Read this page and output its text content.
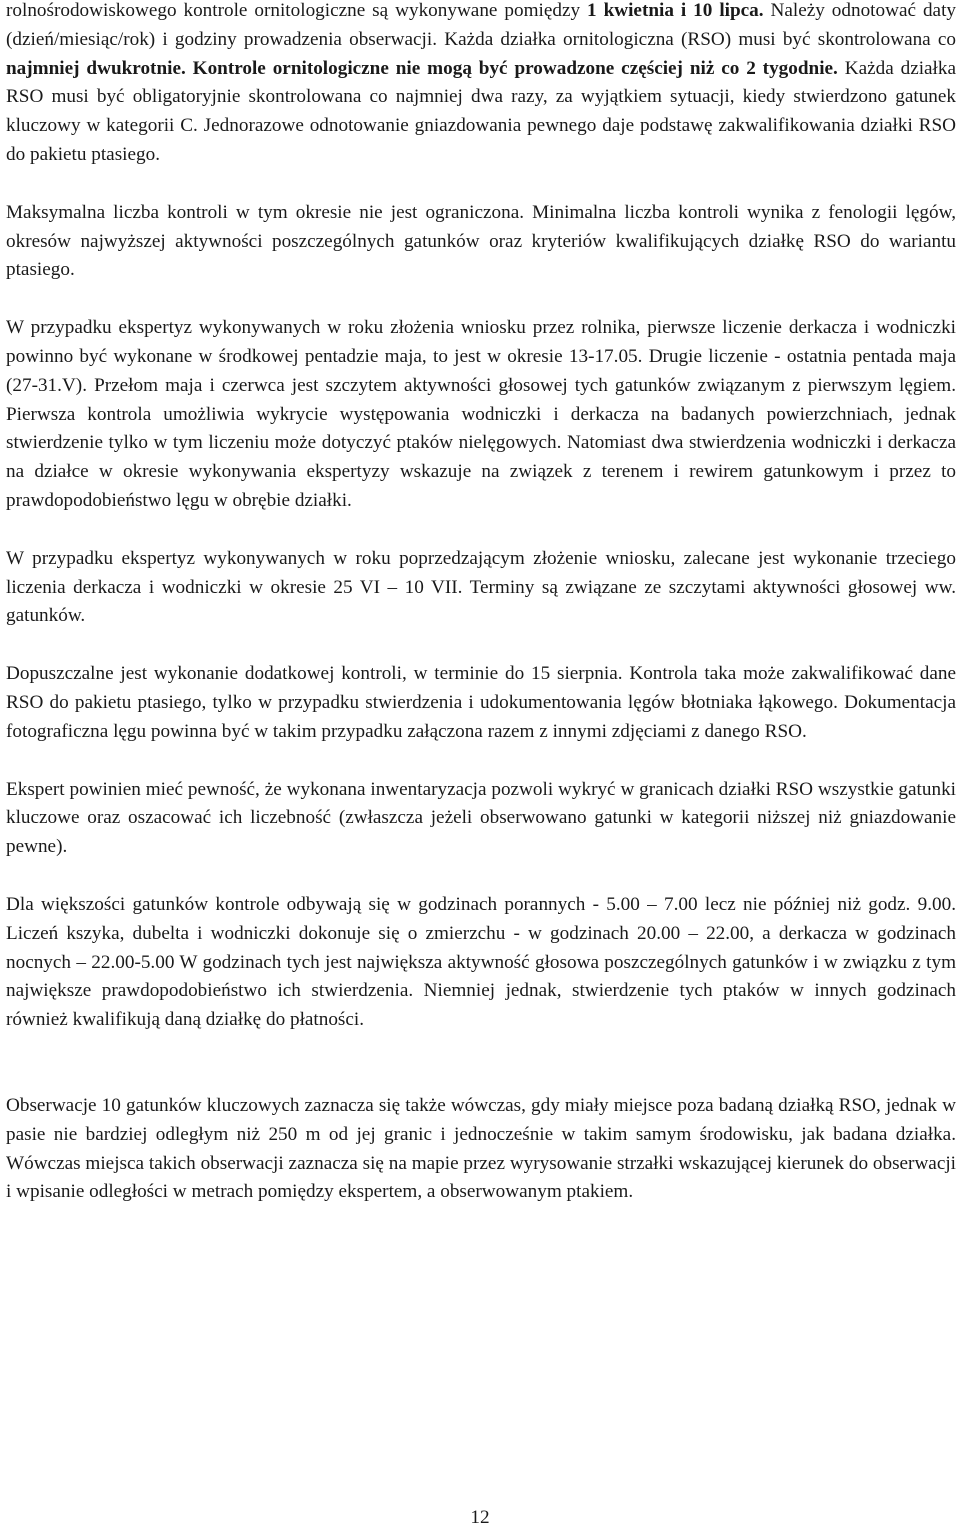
rolnośrodowiskowego kontrole ornitologiczne są wykonywane pomiędzy 1 kwietnia i 10 lipca. Należy odnotować daty (dzień/miesiąc/rok) i godziny prowadzenia obserwacji. Każda działka ornitologiczna (RSO) musi być skontrolowana co najmniej dwukrotnie. Kontrole ornitologiczne nie mogą być prowadzone częściej niż co 2 tygodnie. Każda działka RSO musi być obligatoryjnie skontrolowana co najmniej dwa razy, za wyjątkiem sytuacji, kiedy stwierdzono gatunek kluczowy w kategorii C. Jednorazowe odnotowanie gniazdowania pewnego daje podstawę zakwalifikowania działki RSO do pakietu ptasiego.

Maksymalna liczba kontroli w tym okresie nie jest ograniczona. Minimalna liczba kontroli wynika z fenologii lęgów, okresów najwyższej aktywności poszczególnych gatunków oraz kryteriów kwalifikujących działkę RSO do wariantu ptasiego.

W przypadku ekspertyz wykonywanych w roku złożenia wniosku przez rolnika, pierwsze liczenie derkacza i wodniczki powinno być wykonane w środkowej pentadzie maja, to jest w okresie 13-17.05. Drugie liczenie - ostatnia pentada maja (27-31.V). Przełom maja i czerwca jest szczytem aktywności głosowej tych gatunków związanym z pierwszym lęgiem. Pierwsza kontrola umożliwia wykrycie występowania wodniczki i derkacza na badanych powierzchniach, jednak stwierdzenie tylko w tym liczeniu może dotyczyć ptaków nielęgowych. Natomiast dwa stwierdzenia wodniczki i derkacza na działce w okresie wykonywania ekspertyzy wskazuje na związek z terenem i rewirem gatunkowym i przez to prawdopodobieństwo lęgu w obrębie działki.

W przypadku ekspertyz wykonywanych w roku poprzedzającym złożenie wniosku, zalecane jest wykonanie trzeciego liczenia derkacza i wodniczki w okresie 25 VI – 10 VII. Terminy są związane ze szczytami aktywności głosowej ww. gatunków.

Dopuszczalne jest wykonanie dodatkowej kontroli, w terminie do 15 sierpnia. Kontrola taka może zakwalifikować dane RSO do pakietu ptasiego, tylko w przypadku stwierdzenia i udokumentowania lęgów błotniaka łąkowego. Dokumentacja fotograficzna lęgu powinna być w takim przypadku załączona razem z innymi zdjęciami z danego RSO.

Ekspert powinien mieć pewność, że wykonana inwentaryzacja pozwoli wykryć w granicach działki RSO wszystkie gatunki kluczowe oraz oszacować ich liczebność (zwłaszcza jeżeli obserwowano gatunki w kategorii niższej niż gniazdowanie pewne).

Dla większości gatunków kontrole odbywają się w godzinach porannych - 5.00 – 7.00 lecz nie później niż godz. 9.00. Liczeń kszyka, dubelta i wodniczki dokonuje się o zmierzchu - w godzinach 20.00 – 22.00, a derkacza w godzinach nocnych – 22.00-5.00 W godzinach tych jest największa aktywność głosowa poszczególnych gatunków i w związku z tym największe prawdopodobieństwo ich stwierdzenia. Niemniej jednak, stwierdzenie tych ptaków w innych godzinach również kwalifikują daną działkę do płatności.

Obserwacje 10 gatunków kluczowych zaznacza się także wówczas, gdy miały miejsce poza badaną działką RSO, jednak w pasie nie bardziej odległym niż 250 m od jej granic i jednocześnie w takim samym środowisku, jak badana działka. Wówczas miejsca takich obserwacji zaznacza się na mapie przez wyrysowanie strzałki wskazującej kierunek do obserwacji i wpisanie odległości w metrach pomiędzy ekspertem, a obserwowanym ptakiem.

12
